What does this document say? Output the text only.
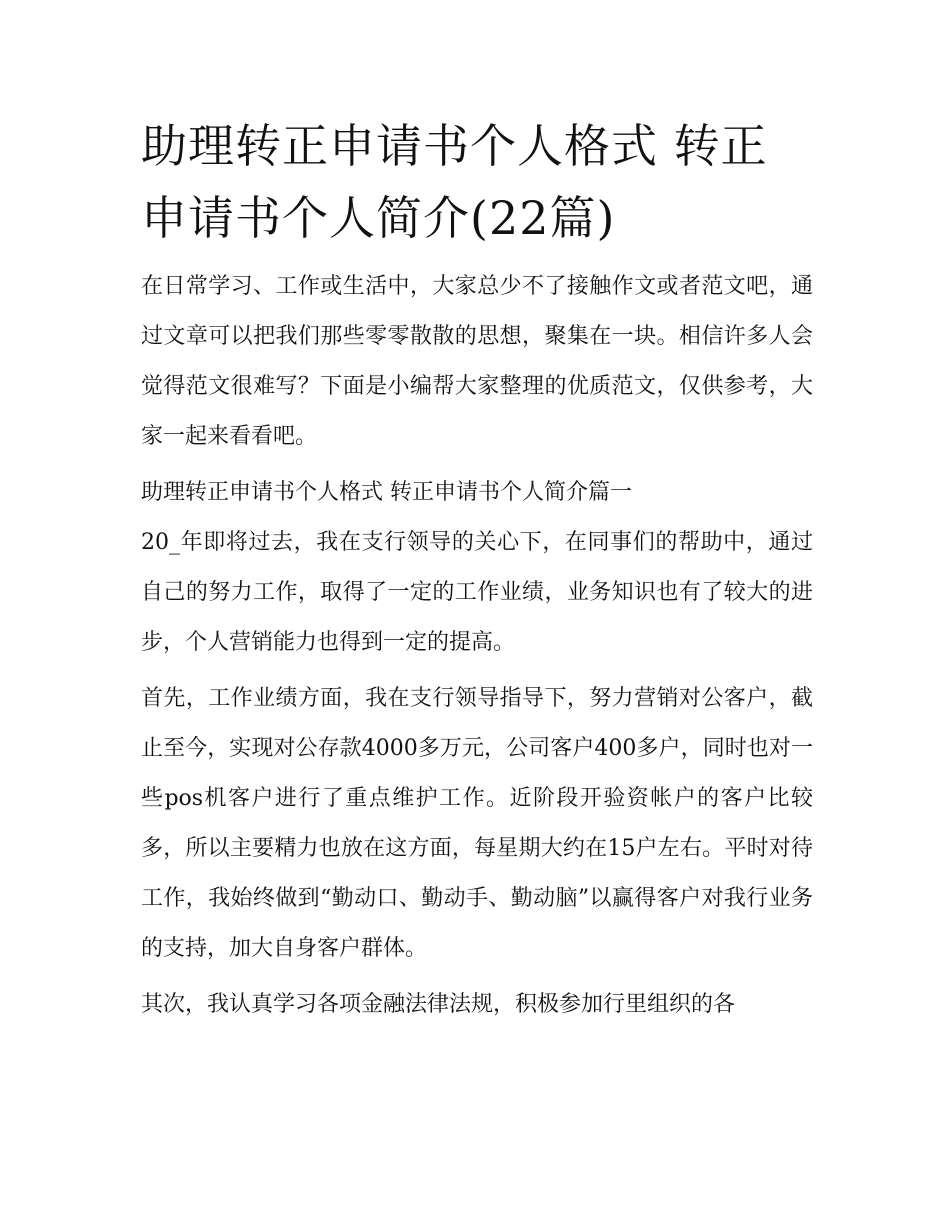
助理转正申请书个人格式 转正申请书个人简介(22篇)

在日常学习、工作或生活中，大家总少不了接触作文或者范文吧，通过文章可以把我们那些零零散散的思想，聚集在一块。相信许多人会觉得范文很难写？下面是小编帮大家整理的优质范文，仅供参考，大家一起来看看吧。

助理转正申请书个人格式 转正申请书个人简介篇一

20_年即将过去，我在支行领导的关心下，在同事们的帮助中，通过自己的努力工作，取得了一定的工作业绩，业务知识也有了较大的进步，个人营销能力也得到一定的提高。

首先，工作业绩方面，我在支行领导指导下，努力营销对公客户，截止至今，实现对公存款4000多万元，公司客户400多户，同时也对一些pos机客户进行了重点维护工作。近阶段开验资帐户的客户比较多，所以主要精力也放在这方面，每星期大约在15户左右。平时对待工作，我始终做到“勤动口、勤动手、勤动脑”以赢得客户对我行业务的支持，加大自身客户群体。

其次，我认真学习各项金融法律法规，积极参加行里组织的各
